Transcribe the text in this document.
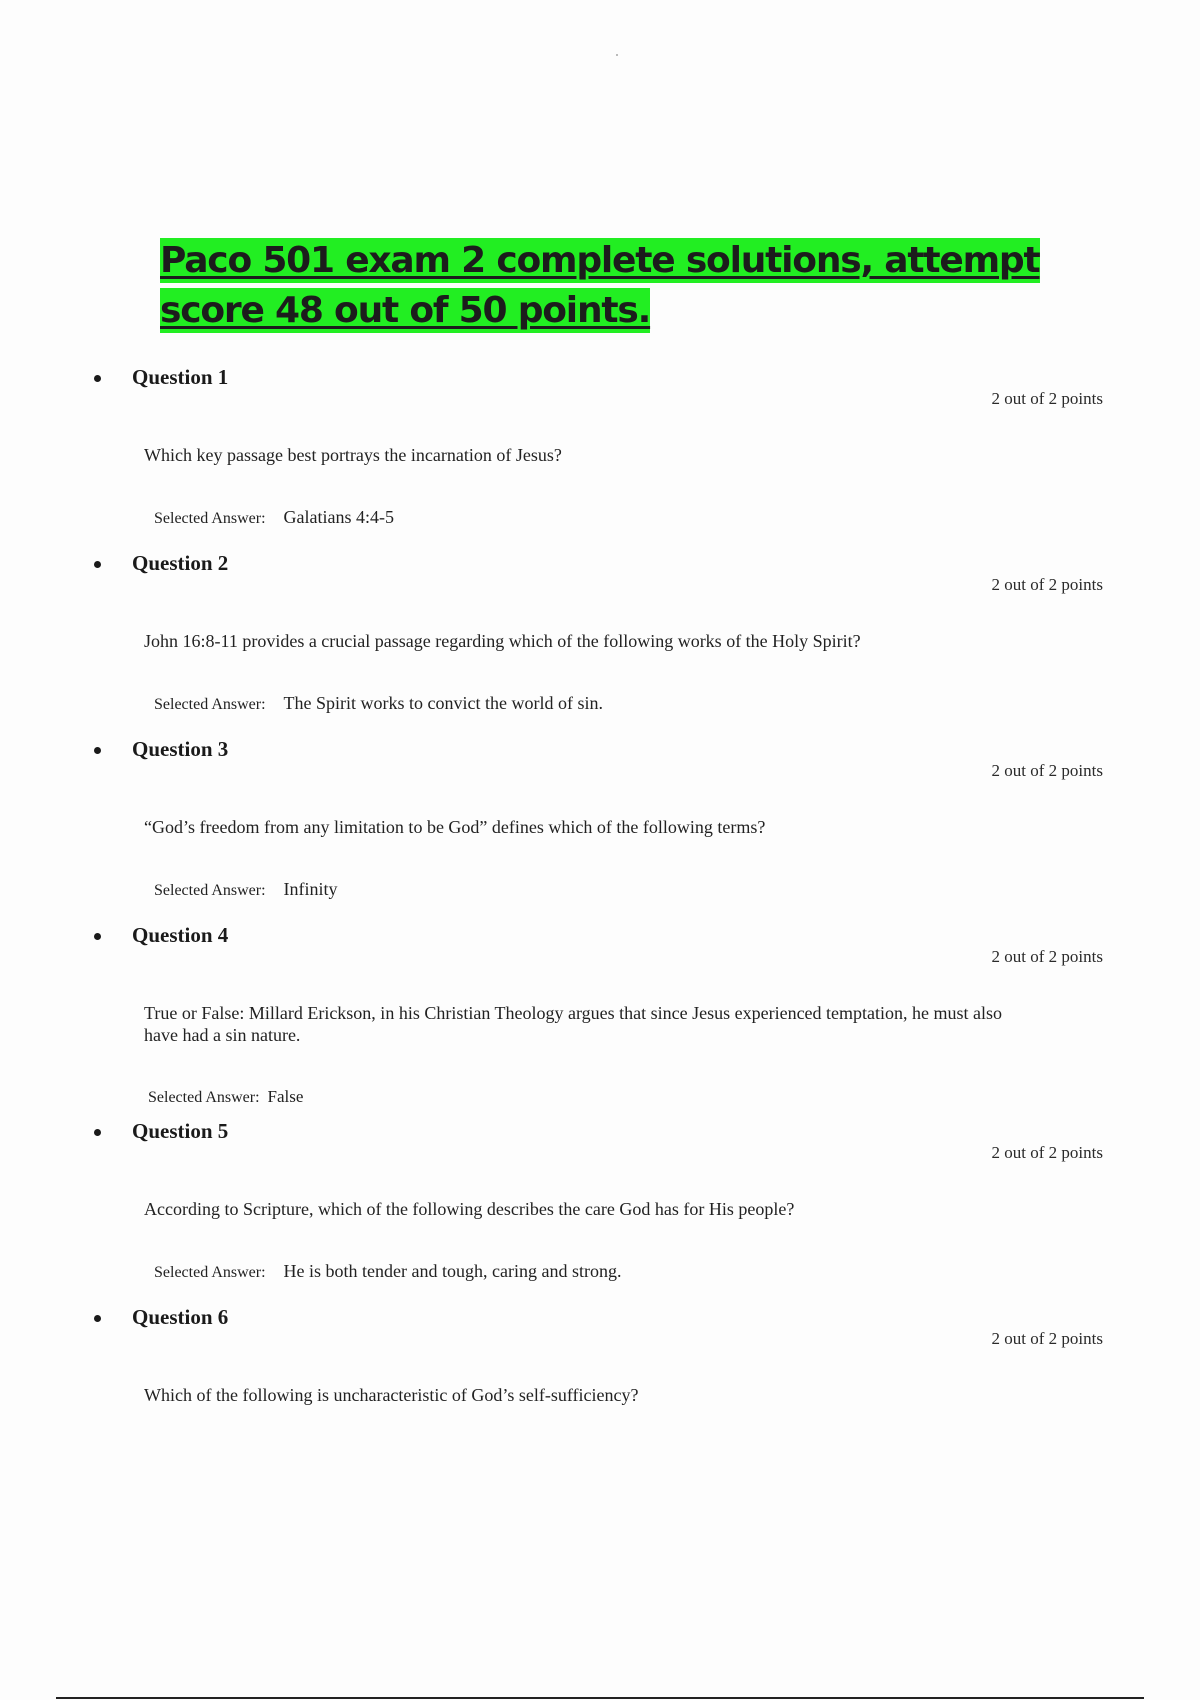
Paco 501 exam 2 complete solutions, attempt score 48 out of 50 points.
Question 1
2 out of 2 points
Which key passage best portrays the incarnation of Jesus?
Selected Answer: Galatians 4:4-5
Question 2
2 out of 2 points
John 16:8-11 provides a crucial passage regarding which of the following works of the Holy Spirit?
Selected Answer: The Spirit works to convict the world of sin.
Question 3
2 out of 2 points
“God’s freedom from any limitation to be God” defines which of the following terms?
Selected Answer: Infinity
Question 4
2 out of 2 points
True or False: Millard Erickson, in his Christian Theology argues that since Jesus experienced temptation, he must also have had a sin nature.
Selected Answer: False
Question 5
2 out of 2 points
According to Scripture, which of the following describes the care God has for His people?
Selected Answer: He is both tender and tough, caring and strong.
Question 6
2 out of 2 points
Which of the following is uncharacteristic of God’s self-sufficiency?
